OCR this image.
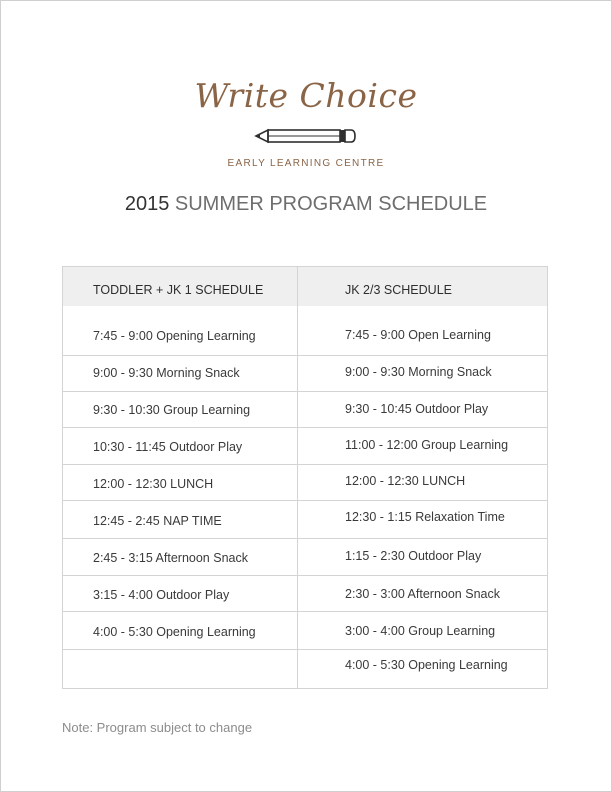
Write Choice
EARLY LEARNING CENTRE
2015 SUMMER PROGRAM SCHEDULE
TODDLER + JK 1 SCHEDULE	JK 2/3 SCHEDULE
7:45 - 9:00 Opening Learning
9:00 - 9:30 Morning Snack
9:30 - 10:30 Group Learning
10:30 - 11:45 Outdoor Play
12:00 - 12:30 LUNCH
12:45 - 2:45 NAP TIME
2:45 - 3:15 Afternoon Snack
3:15 - 4:00 Outdoor Play
4:00 - 5:30 Opening Learning
7:45 - 9:00 Open Learning
9:00 - 9:30 Morning Snack
9:30 - 10:45 Outdoor Play
11:00 - 12:00 Group Learning
12:00 - 12:30 LUNCH
12:30 - 1:15 Relaxation Time
1:15 - 2:30 Outdoor Play
2:30 - 3:00 Afternoon Snack
3:00 - 4:00 Group Learning
4:00 - 5:30 Opening Learning
Note: Program subject to change
